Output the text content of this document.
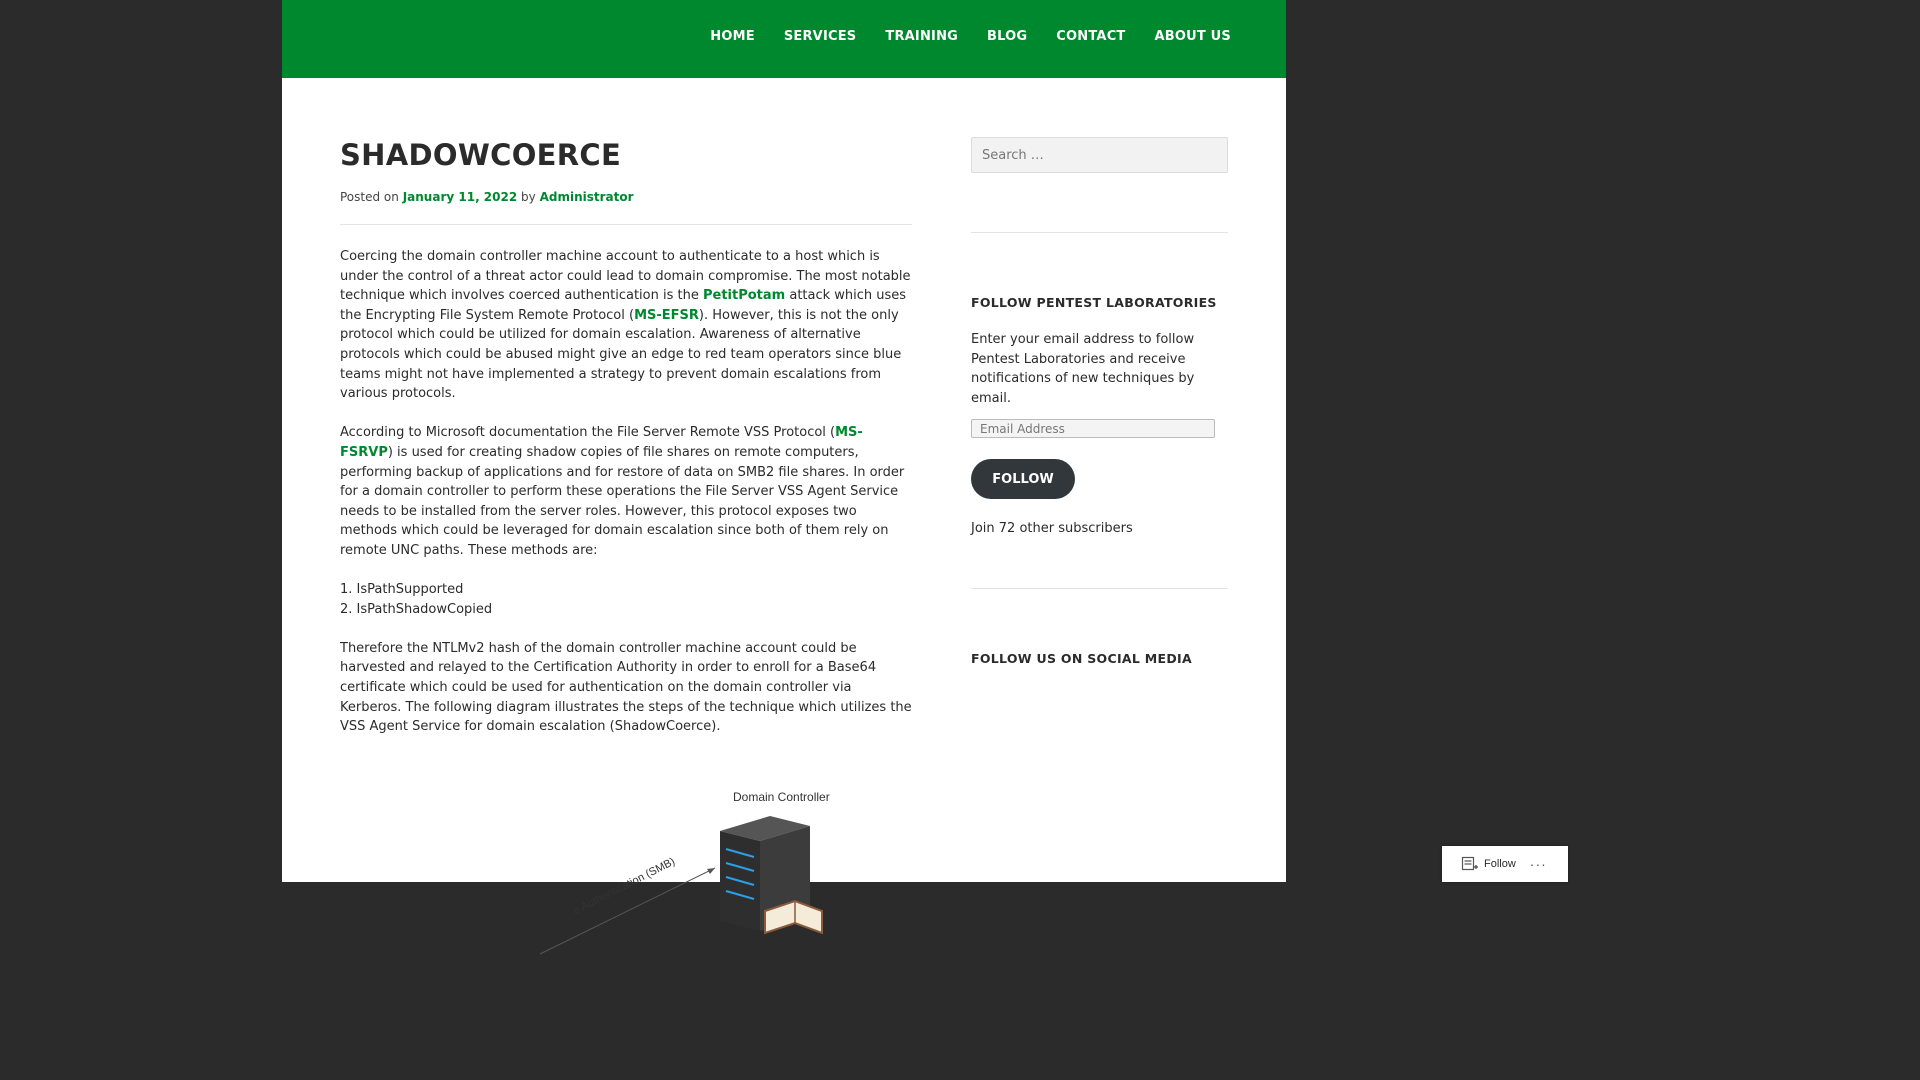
HOME SERVICES TRAINING BLOG CONTACT ABOUT US
SHADOWCOERCE
Posted on January 11, 2022 by Administrator

Coercing the domain controller machine account to authenticate to a host which is under the control of a threat actor could lead to domain compromise. The most notable technique which involves coerced authentication is the PetitPotam attack which uses the Encrypting File System Remote Protocol (MS-EFSR). However, this is not the only protocol which could be utilized for domain escalation. Awareness of alternative protocols which could be abused might give an edge to red team operators since blue teams might not have implemented a strategy to prevent domain escalations from various protocols.

According to Microsoft documentation the File Server Remote VSS Protocol (MS-FSRVP) is used for creating shadow copies of file shares on remote computers, performing backup of applications and for restore of data on SMB2 file shares. In order for a domain controller to perform these operations the File Server VSS Agent Service needs to be installed from the server roles. However, this protocol exposes two methods which could be leveraged for domain escalation since both of them rely on remote UNC paths. These methods are:

1. IsPathSupported
2. IsPathShadowCopied

Therefore the NTLMv2 hash of the domain controller machine account could be harvested and relayed to the Certification Authority in order to enroll for a Base64 certificate which could be used for authentication on the domain controller via Kerberos. The following diagram illustrates the steps of the technique which utilizes the VSS Agent Service for domain escalation (ShadowCoerce).

Domain Controller
e Authentication (SMB)
Search …
FOLLOW PENTEST LABORATORIES
Enter your email address to follow Pentest Laboratories and receive notifications of new techniques by email.
Email Address FOLLOW
Join 72 other subscribers
FOLLOW US ON SOCIAL MEDIA
Follow ···
